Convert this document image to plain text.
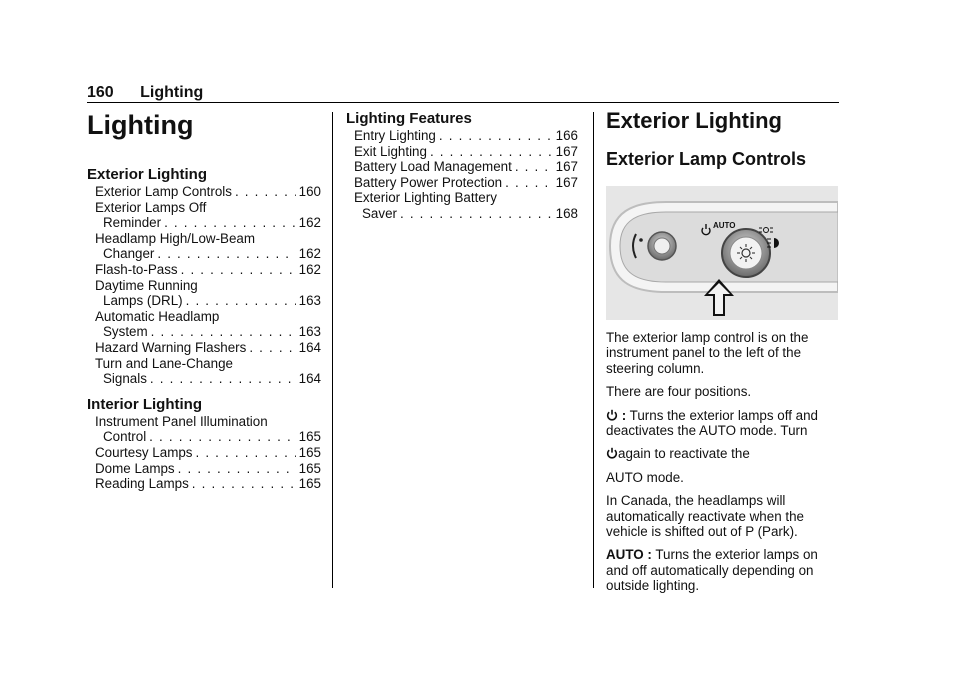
160 Lighting
Lighting
Exterior Lighting
Exterior Lamp Controls . . .	160
Exterior Lamps Off
Reminder . . .	162
Headlamp High/Low-Beam
Changer . . .	162
Flash-to-Pass . . .	162
Daytime Running
Lamps (DRL) . . .	163
Automatic Headlamp
System . . .	163
Hazard Warning Flashers . . .	164
Turn and Lane-Change
Signals . . .	164
Interior Lighting
Instrument Panel Illumination
Control . . .	165
Courtesy Lamps . . .	165
Dome Lamps . . .	165
Reading Lamps . . .	165
Lighting Features
Entry Lighting . . .	166
Exit Lighting . . .	167
Battery Load Management . . .	167
Battery Power Protection . . .	167
Exterior Lighting Battery
Saver . . .	168
Exterior Lighting
Exterior Lamp Controls
AUTO

The exterior lamp control is on the instrument panel to the left of the steering column.

There are four positions.

: Turns the exterior lamps off and deactivates the AUTO mode. Turn

again to reactivate the

AUTO mode.

In Canada, the headlamps will automatically reactivate when the vehicle is shifted out of P (Park).

AUTO : Turns the exterior lamps on and off automatically depending on outside lighting.
